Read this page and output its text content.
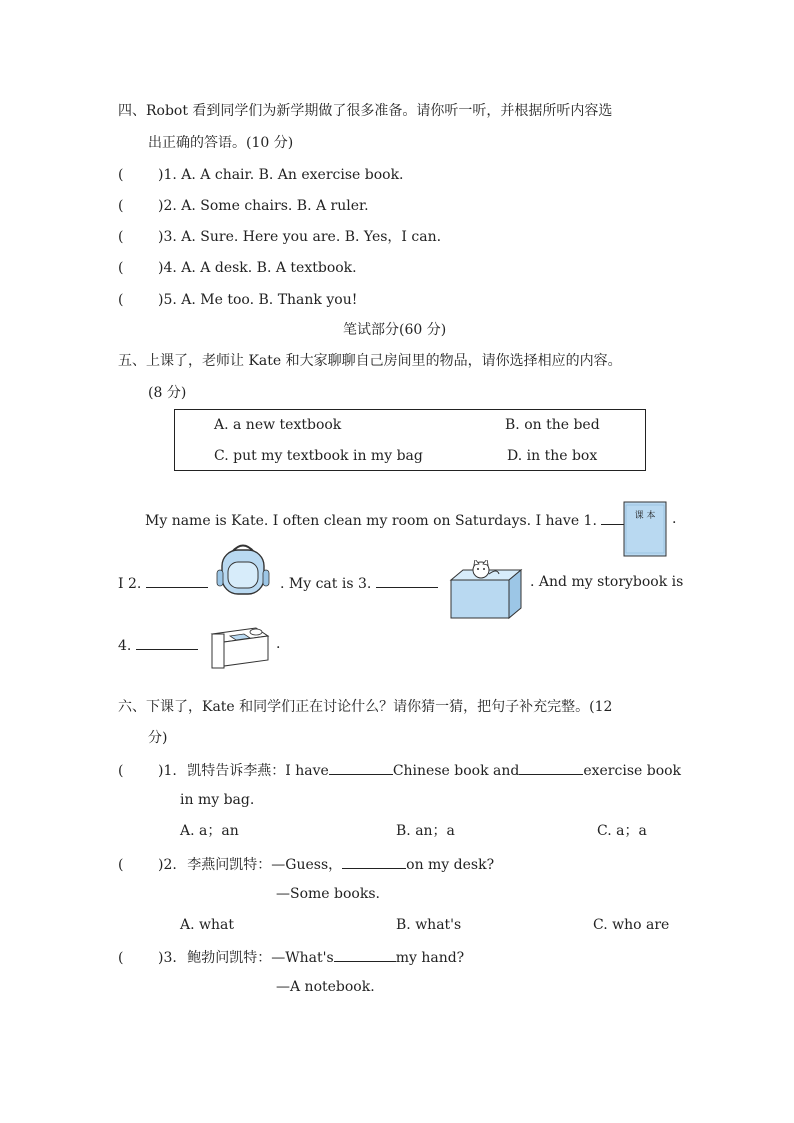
四、Robot 看到同学们为新学期做了很多准备。请你听一听，并根据所听内容选
出正确的答语。(10 分)
( )1. A. A chair. B. An exercise book.
( )2. A. Some chairs. B. A ruler.
( )3. A. Sure. Here you are. B. Yes，I can.
( )4. A. A desk. B. A textbook.
( )5. A. Me too. B. Thank you!
笔试部分(60 分)
五、上课了，老师让 Kate 和大家聊聊自己房间里的物品，请你选择相应的内容。
(8 分)
A. a new textbook	B. on the bed
C. put my textbook in my bag	D. in the box
My name is Kate. I often clean my room on Saturdays. I have 1.	.
课 本
I 2.	. My cat is 3.	. And my storybook is
4.	.
六、下课了，Kate 和同学们正在讨论什么？请你猜一猜，把句子补充完整。(12
分)
( )1. 凯特告诉李燕：I have	Chinese book and	exercise book
in my bag.
A. a；an	B. an；a	C. a；a
( )2. 李燕问凯特：—Guess，	on my desk?
—Some books.
A. what	B. what's	C. who are
( )3. 鲍勃问凯特：—What's	my hand?
—A notebook.
